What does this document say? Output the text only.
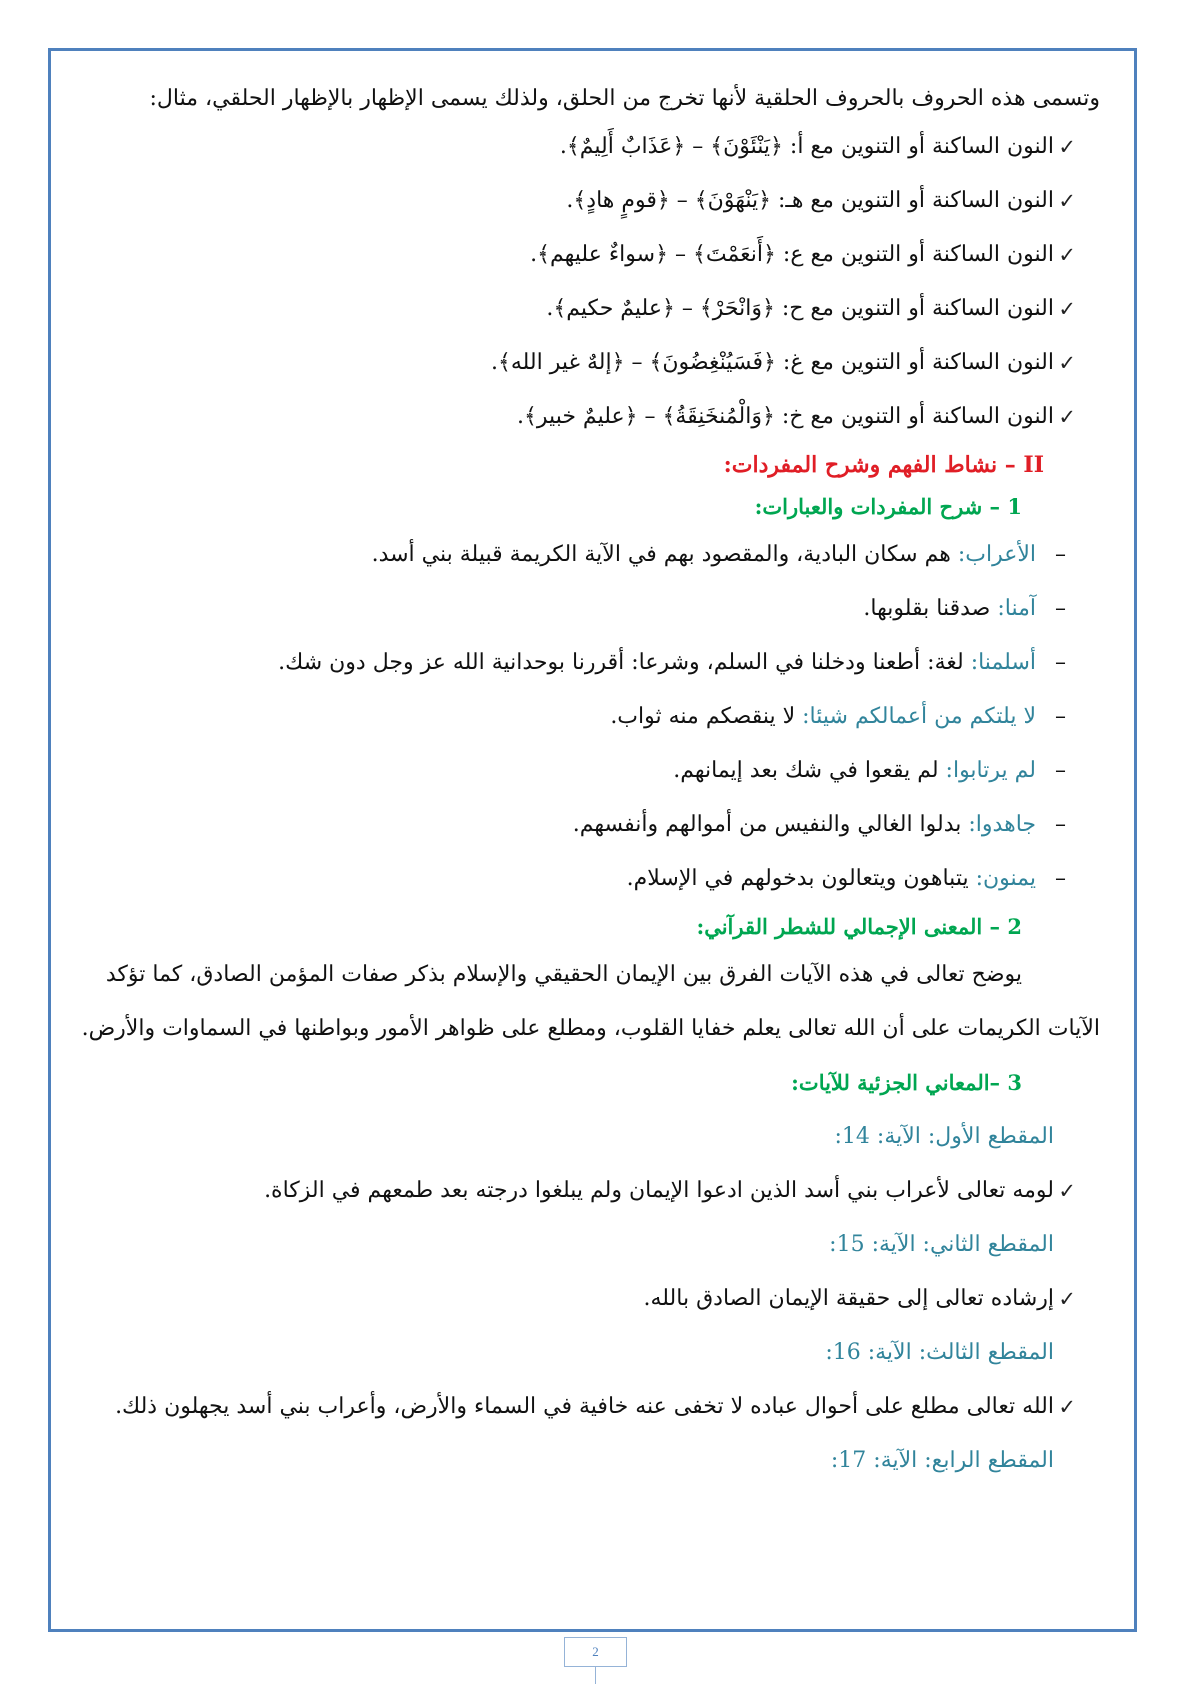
وتسمى هذه الحروف بالحروف الحلقية لأنها تخرج من الحلق، ولذلك يسمى الإظهار بالإظهار الحلقي، مثال:
✓
النون الساكنة أو التنوين مع أ: ﴿يَنْئَوْنَ﴾ – ﴿عَذَابٌ أَلِيمٌ﴾.
✓
النون الساكنة أو التنوين مع هـ: ﴿يَنْهَوْنَ﴾ – ﴿قومٍ هادٍ﴾.
✓
النون الساكنة أو التنوين مع ع: ﴿أَنعَمْتَ﴾ – ﴿سواءٌ عليهم﴾.
✓
النون الساكنة أو التنوين مع ح: ﴿وَانْحَرْ﴾ – ﴿عليمٌ حكيم﴾.
✓
النون الساكنة أو التنوين مع غ: ﴿فَسَيُنْغِضُونَ﴾ – ﴿إلهٌ غير الله﴾.
✓
النون الساكنة أو التنوين مع خ: ﴿وَالْمُنخَنِقَةُ﴾ – ﴿عليمٌ خبير﴾.
II – نشاط الفهم وشرح المفردات:
1 – شرح المفردات والعبارات:
–
الأعراب: هم سكان البادية، والمقصود بهم في الآية الكريمة قبيلة بني أسد.
–
آمنا: صدقنا بقلوبها.
–
أسلمنا: لغة: أطعنا ودخلنا في السلم، وشرعا: أقررنا بوحدانية الله عز وجل دون شك.
–
لا يلتكم من أعمالكم شيئا: لا ينقصكم منه ثواب.
–
لم يرتابوا: لم يقعوا في شك بعد إيمانهم.
–
جاهدوا: بدلوا الغالي والنفيس من أموالهم وأنفسهم.
–
يمنون: يتباهون ويتعالون بدخولهم في الإسلام.
2 – المعنى الإجمالي للشطر القرآني:
يوضح تعالى في هذه الآيات الفرق بين الإيمان الحقيقي والإسلام بذكر صفات المؤمن الصادق، كما تؤكد
الآيات الكريمات على أن الله تعالى يعلم خفايا القلوب، ومطلع على ظواهر الأمور وبواطنها في السماوات والأرض.
3 –المعاني الجزئية للآيات:
المقطع الأول: الآية: 14:
✓
لومه تعالى لأعراب بني أسد الذين ادعوا الإيمان ولم يبلغوا درجته بعد طمعهم في الزكاة.
المقطع الثاني: الآية: 15:
✓
إرشاده تعالى إلى حقيقة الإيمان الصادق بالله.
المقطع الثالث: الآية: 16:
✓
الله تعالى مطلع على أحوال عباده لا تخفى عنه خافية في السماء والأرض، وأعراب بني أسد يجهلون ذلك.
المقطع الرابع: الآية: 17:
2
